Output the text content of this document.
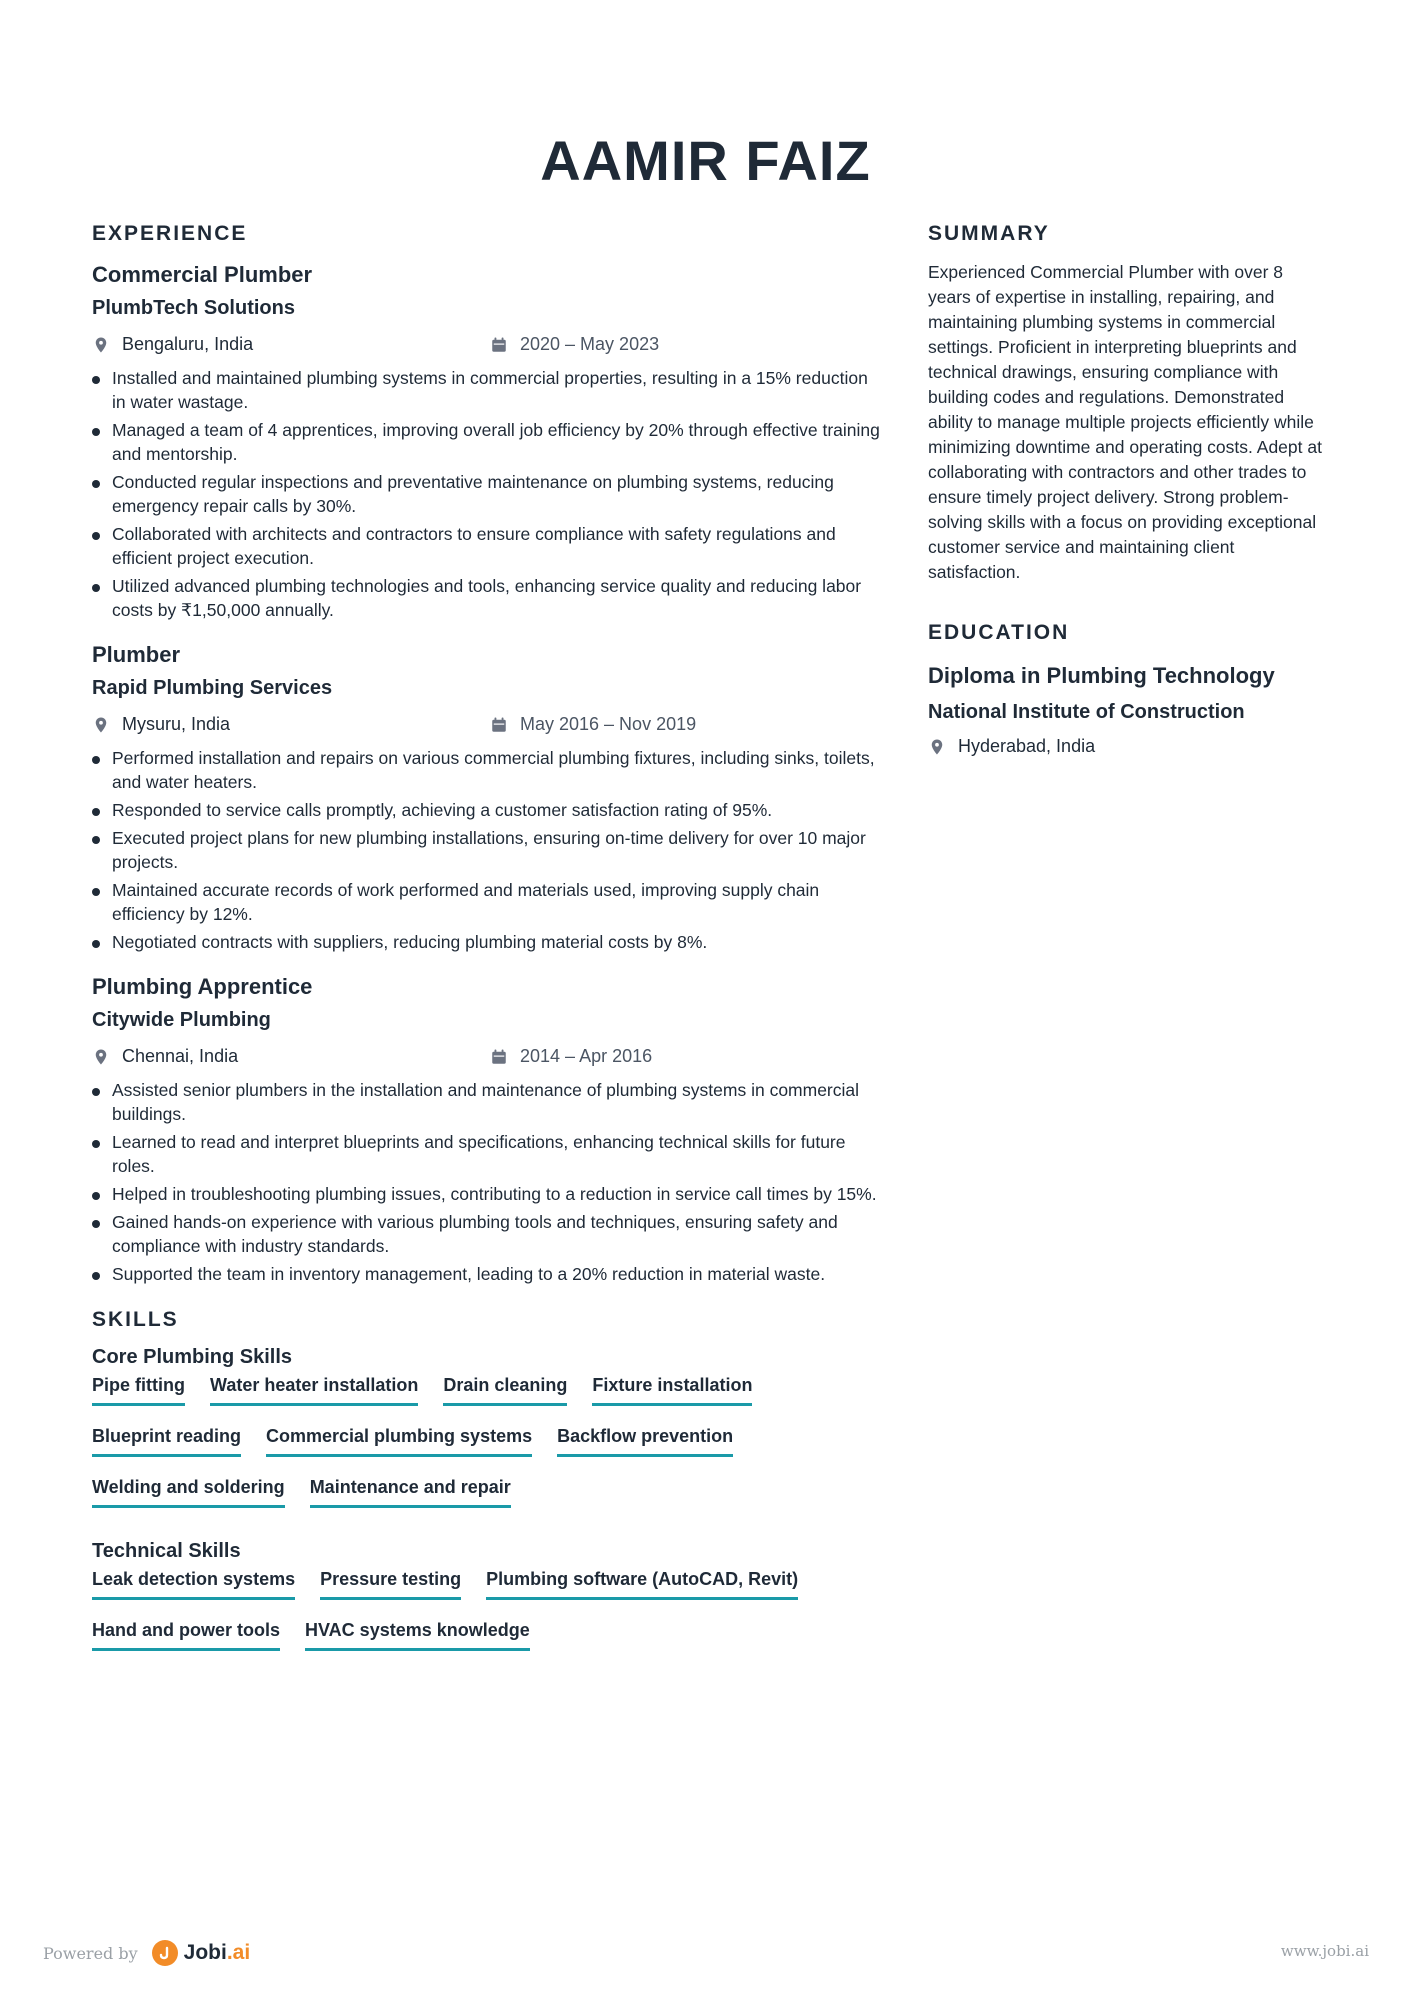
AAMIR FAIZ
EXPERIENCE
Commercial Plumber
PlumbTech Solutions
Bengaluru, India	2020 – May 2023
Installed and maintained plumbing systems in commercial properties, resulting in a 15% reduction in water wastage.
Managed a team of 4 apprentices, improving overall job efficiency by 20% through effective training and mentorship.
Conducted regular inspections and preventative maintenance on plumbing systems, reducing emergency repair calls by 30%.
Collaborated with architects and contractors to ensure compliance with safety regulations and efficient project execution.
Utilized advanced plumbing technologies and tools, enhancing service quality and reducing labor costs by ₹1,50,000 annually.
Plumber
Rapid Plumbing Services
Mysuru, India	May 2016 – Nov 2019
Performed installation and repairs on various commercial plumbing fixtures, including sinks, toilets, and water heaters.
Responded to service calls promptly, achieving a customer satisfaction rating of 95%.
Executed project plans for new plumbing installations, ensuring on-time delivery for over 10 major projects.
Maintained accurate records of work performed and materials used, improving supply chain efficiency by 12%.
Negotiated contracts with suppliers, reducing plumbing material costs by 8%.
Plumbing Apprentice
Citywide Plumbing
Chennai, India	2014 – Apr 2016
Assisted senior plumbers in the installation and maintenance of plumbing systems in commercial buildings.
Learned to read and interpret blueprints and specifications, enhancing technical skills for future roles.
Helped in troubleshooting plumbing issues, contributing to a reduction in service call times by 15%.
Gained hands-on experience with various plumbing tools and techniques, ensuring safety and compliance with industry standards.
Supported the team in inventory management, leading to a 20% reduction in material waste.
SKILLS
Core Plumbing Skills
Pipe fitting Water heater installation Drain cleaning Fixture installation
Blueprint reading Commercial plumbing systems Backflow prevention
Welding and soldering Maintenance and repair
Technical Skills
Leak detection systems Pressure testing Plumbing software (AutoCAD, Revit)
Hand and power tools HVAC systems knowledge
SUMMARY
Experienced Commercial Plumber with over 8 years of expertise in installing, repairing, and maintaining plumbing systems in commercial settings. Proficient in interpreting blueprints and technical drawings, ensuring compliance with building codes and regulations. Demonstrated ability to manage multiple projects efficiently while minimizing downtime and operating costs. Adept at collaborating with contractors and other trades to ensure timely project delivery. Strong problem-solving skills with a focus on providing exceptional customer service and maintaining client satisfaction.
EDUCATION
Diploma in Plumbing Technology
National Institute of Construction
Hyderabad, India
Powered by Jobi.ai	www.jobi.ai
